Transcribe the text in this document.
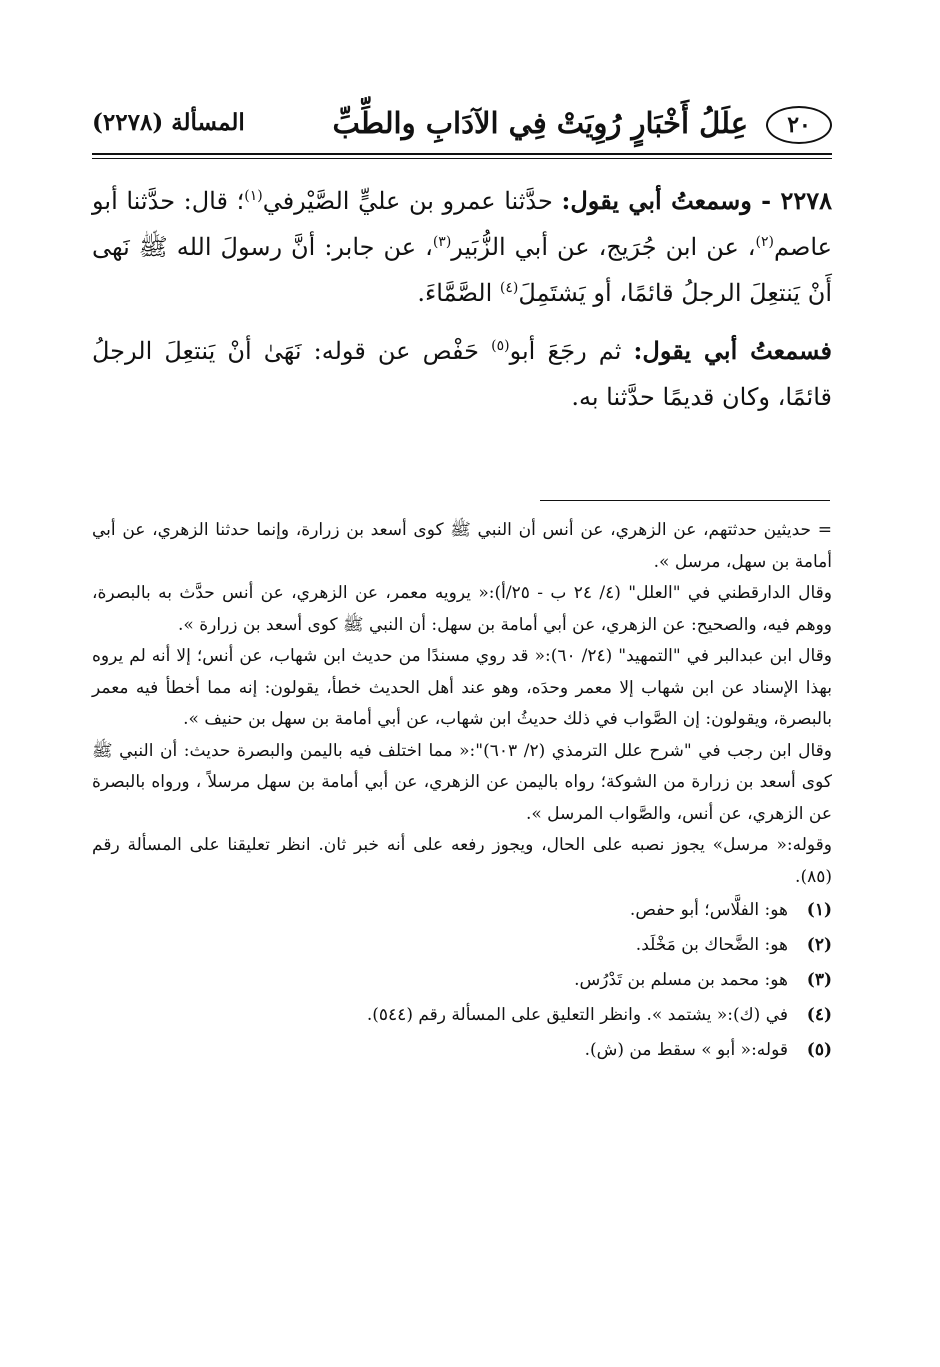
٢٠
عِلَلُ أَخْبَارٍ رُوِيَتْ فِي الآدَابِ والطِّبِّ
المسألة (٢٢٧٨)

٢٢٧٨ - وسمعتُ أبي يقول: حدَّثنا عمرو بن عليٍّ الصَّيْرفي$^{(١)}$؛ قال: حدَّثنا أبو عاصم$^{(٢)}$، عن ابن جُرَيج، عن أبي الزُّبَير$^{(٣)}$، عن جابر: أنَّ رسولَ الله ﷺ نَهى أَنْ يَنتعِلَ الرجلُ قائمًا، أو يَشتَمِلَ$^{(٤)}$ الصَّمَّاءَ.

فسمعتُ أبي يقول: ثم رجَعَ أبو$^{(٥)}$ حَفْص عن قوله: نَهَىٰ أنْ يَنتعِلَ الرجلُ قائمًا، وكان قديمًا حدَّثنا به.

= حديثين حدثتهم، عن الزهري، عن أنس أن النبي ﷺ كوى أسعد بن زرارة، وإنما حدثنا الزهري، عن أبي أمامة بن سهل، مرسل ».

وقال الدارقطني في "العلل" (٤/ ٢٤ ب - ٢٥/أ):« يرويه معمر، عن الزهري، عن أنس حدَّث به بالبصرة، ووهم فيه، والصحيح: عن الزهري، عن أبي أمامة بن سهل: أن النبي ﷺ كوى أسعد بن زرارة ».

وقال ابن عبدالبر في "التمهيد" (٢٤/ ٦٠):« قد روي مسندًا من حديث ابن شهاب، عن أنس؛ إلا أنه لم يروه بهذا الإسناد عن ابن شهاب إلا معمر وحدَه، وهو عند أهل الحديث خطأ، يقولون: إنه مما أخطأ فيه معمر بالبصرة، ويقولون: إن الصَّواب في ذلك حديثُ ابن شهاب، عن أبي أمامة بن سهل بن حنيف ».

وقال ابن رجب في "شرح علل الترمذي (٢/ ٦٠٣)":« مما اختلف فيه باليمن والبصرة حديث: أن النبي ﷺ كوى أسعد بن زرارة من الشوكة؛ رواه باليمن عن الزهري، عن أبي أمامة بن سهل مرسلاً ، ورواه بالبصرة عن الزهري، عن أنس، والصَّواب المرسل ».

وقوله:« مرسل» يجوز نصبه على الحال، ويجوز رفعه على أنه خبر ثان. انظر تعليقنا على المسألة رقم (٨٥).

(١)
هو: الفلَّاس؛ أبو حفص.
(٢)
هو: الضَّحاك بن مَخْلَد.
(٣)
هو: محمد بن مسلم بن تَدْرُس.
(٤)
في (ك):« يشتمد ». وانظر التعليق على المسألة رقم (٥٤٤).
(٥)
قوله:« أبو » سقط من (ش).
